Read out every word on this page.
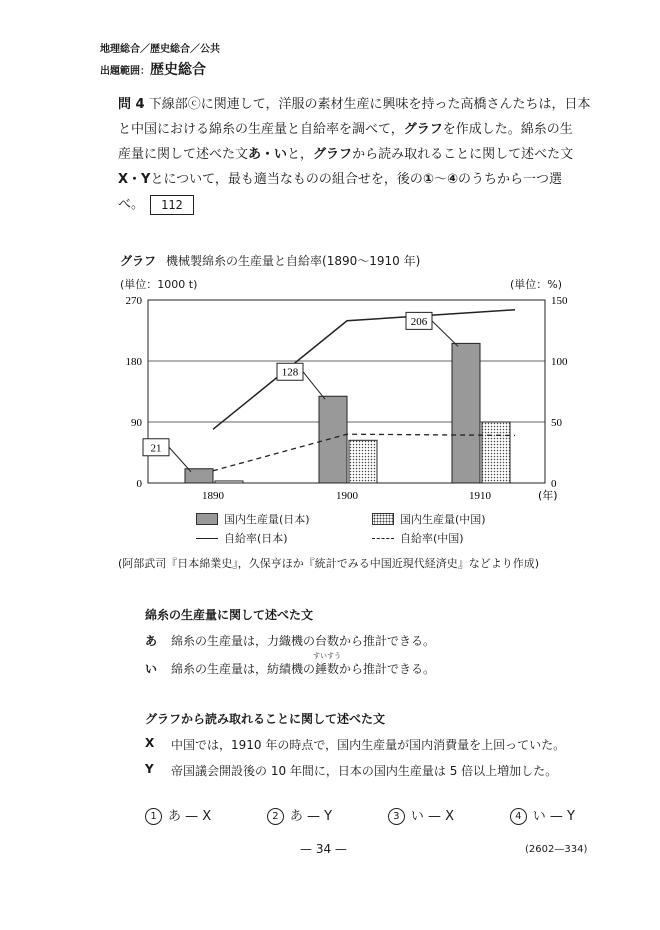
地理総合／歴史総合／公共
出題範囲：歴史総合

問 4 下線部ⓒに関連して，洋服の素材生産に興味を持った高橋さんたちは，日本

と中国における綿糸の生産量と自給率を調べて，グラフを作成した。綿糸の生

産量に関して述べた文あ・いと，グラフから読み取れることに関して述べた文

X・Yとについて，最も適当なものの組合せを，後の①〜④のうちから一つ選

べ。 112

グラフ 機械製綿糸の生産量と自給率(1890～1910 年)
(単位：1000 t)	(単位：%)
21
128
206
0
90
180
270
0
50
100
150
1890	1900	1910	(年)
国内生産量(日本)	国内生産量(中国)
自給率(日本)	自給率(中国)
(阿部武司『日本綿業史』，久保亨ほか『統計でみる中国近現代経済史』などより作成)
綿糸の生産量に関して述べた文
あ	綿糸の生産量は，力織機の台数から推計できる。
すいすう
い	綿糸の生産量は，紡績機の錘数から推計できる。
グラフから読み取れることに関して述べた文
X	中国では，1910 年の時点で，国内生産量が国内消費量を上回っていた。
Y	帝国議会開設後の 10 年間に，日本の国内生産量は 5 倍以上増加した。
1 あ — X	2 あ — Y	3 い — X	4 い — Y
— 34 —	(2602—334)
